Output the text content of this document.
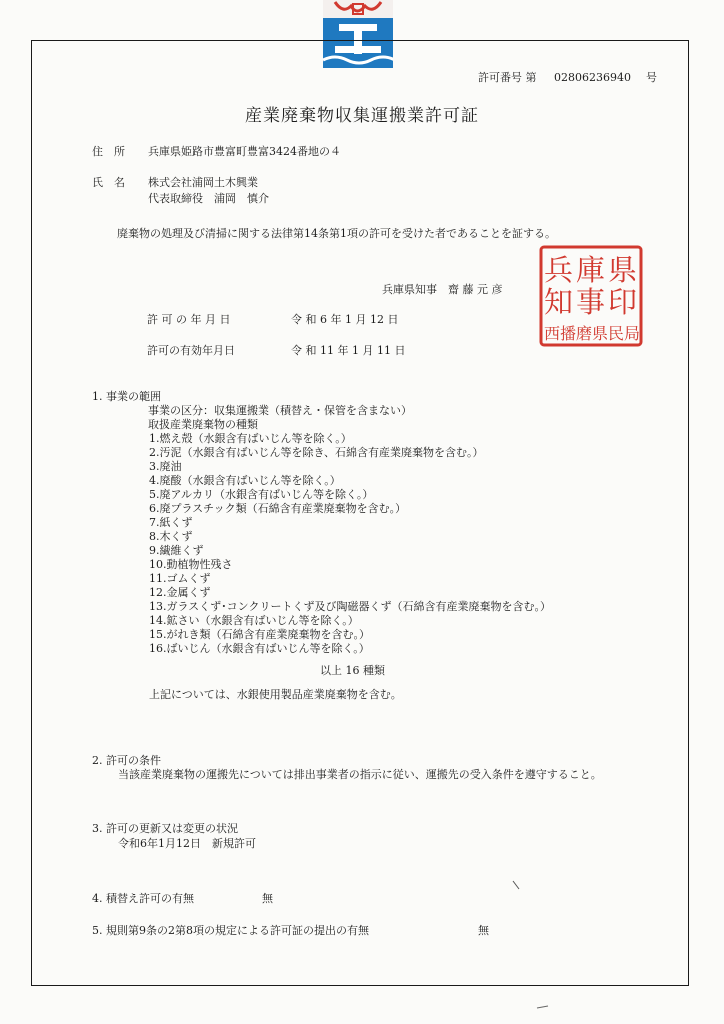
許可番号 第 02806236940 号
産業廃棄物収集運搬業許可証
住　所 兵庫県姫路市豊富町豊富3424番地の４
氏　名 株式会社浦岡土木興業
代表取締役　浦岡　慎介
廃棄物の処理及び清掃に関する法律第14条第1項の許可を受けた者であることを証する。
兵庫県知事　齋 藤 元 彦
許 可 の 年 月 日	令 和 6 年 1 月 12 日
許可の有効年月日	令 和 11 年 1 月 11 日
兵 庫 県
知 事 印
西播磨県民局
1. 事業の範囲
事業の区分：収集運搬業（積替え・保管を含まない）
取扱産業廃棄物の種類
1.燃え殻（水銀含有ばいじん等を除く。）
2.汚泥（水銀含有ばいじん等を除き、石綿含有産業廃棄物を含む。）
3.廃油
4.廃酸（水銀含有ばいじん等を除く。）
5.廃アルカリ（水銀含有ばいじん等を除く。）
6.廃プラスチック類（石綿含有産業廃棄物を含む。）
7.紙くず
8.木くず
9.繊維くず
10.動植物性残さ
11.ゴムくず
12.金属くず
13.ガラスくず･コンクリートくず及び陶磁器くず（石綿含有産業廃棄物を含む。）
14.鉱さい（水銀含有ばいじん等を除く。）
15.がれき類（石綿含有産業廃棄物を含む。）
16.ばいじん（水銀含有ばいじん等を除く。）
以上 16 種類
上記については、水銀使用製品産業廃棄物を含む。
2. 許可の条件
当該産業廃棄物の運搬先については排出事業者の指示に従い、運搬先の受入条件を遵守すること。
3. 許可の更新又は変更の状況
令和6年1月12日　新規許可
4. 積替え許可の有無	無
5. 規則第9条の2第8項の規定による許可証の提出の有無	無
